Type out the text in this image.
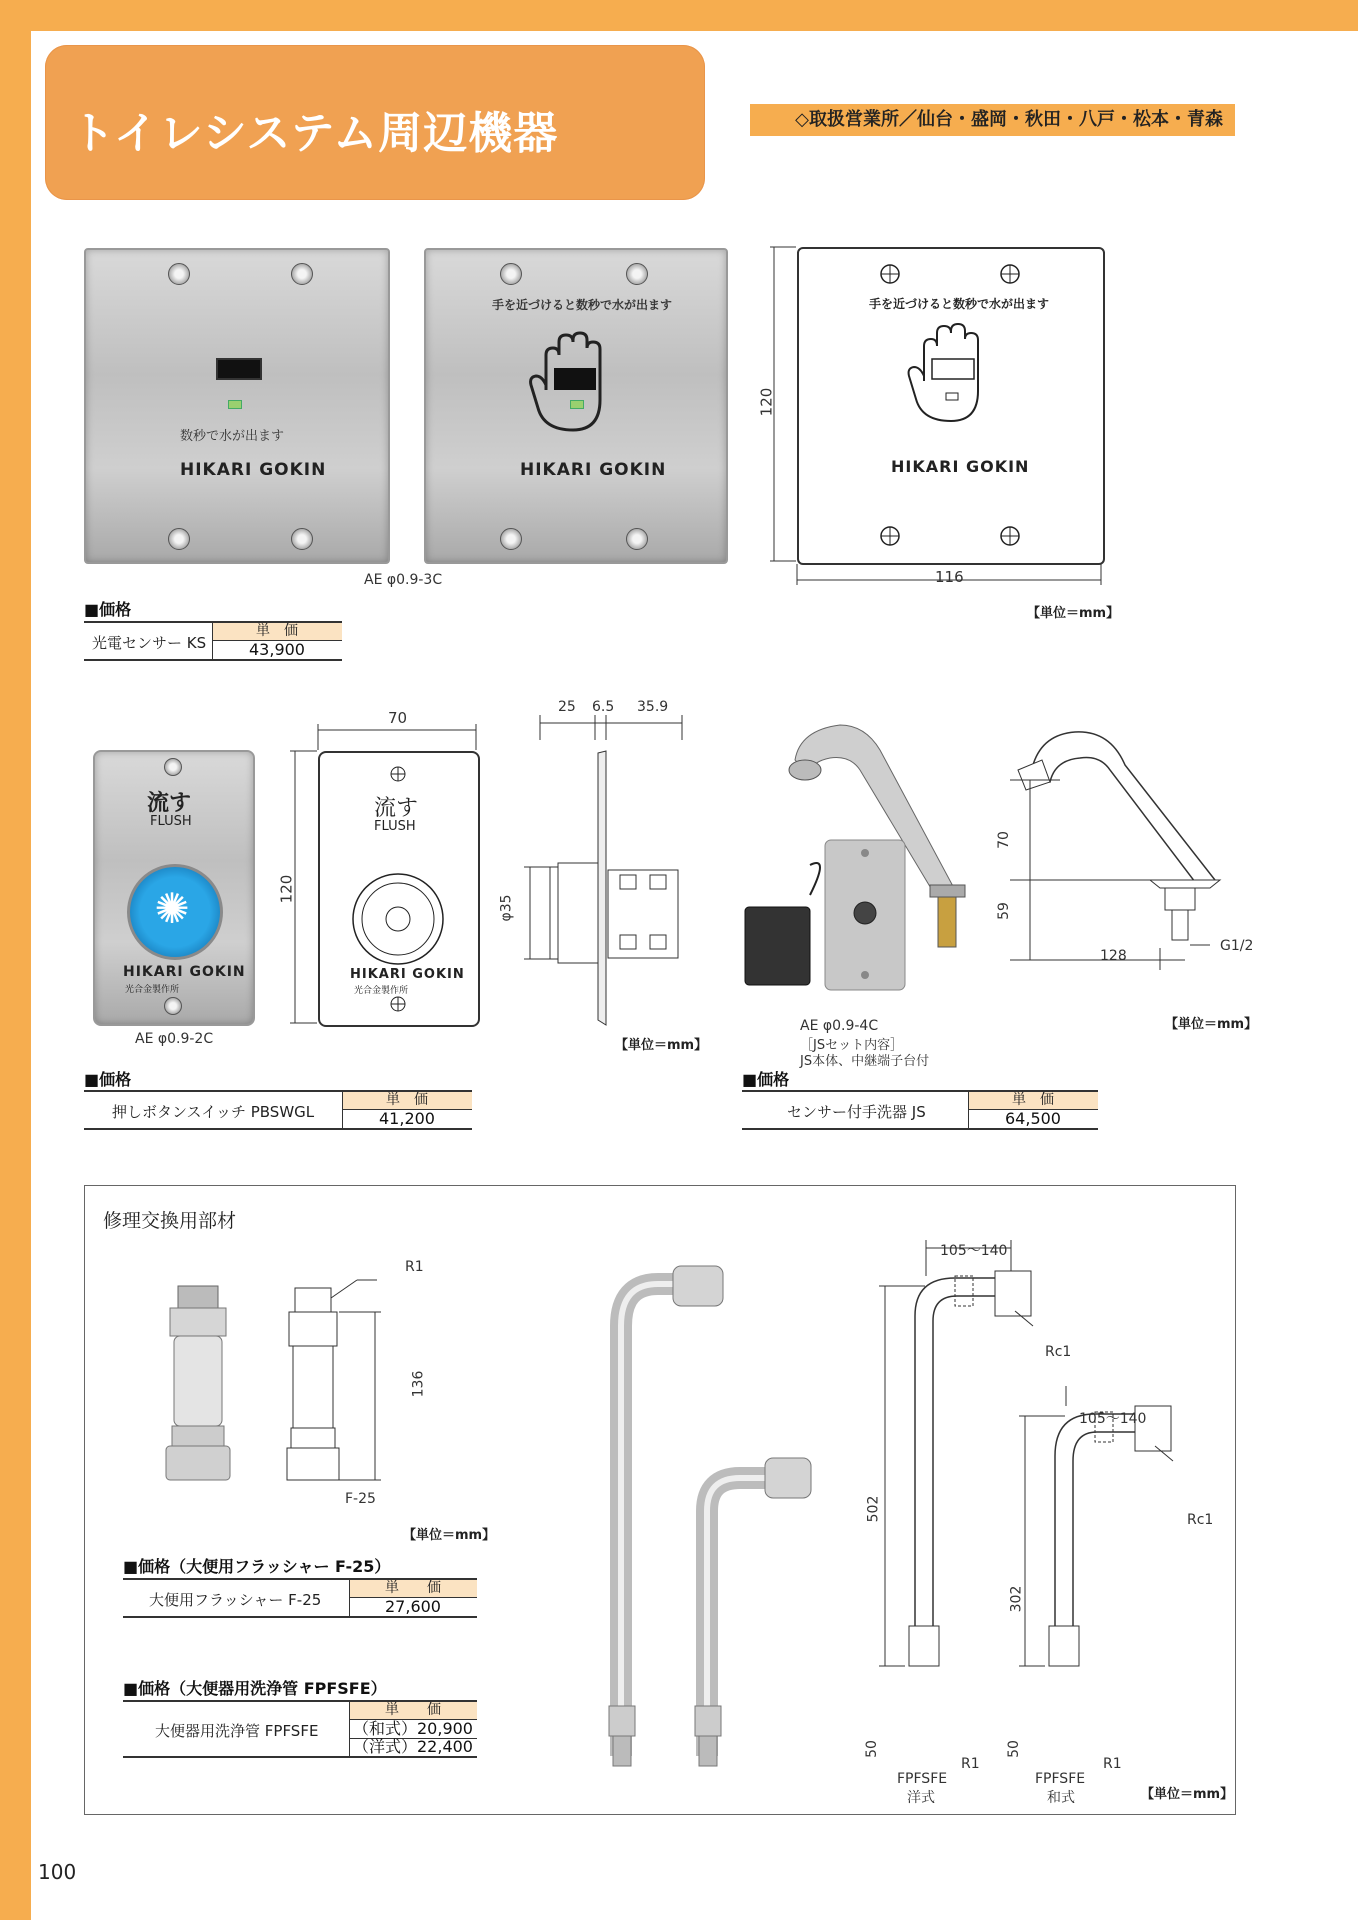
トイレシステム周辺機器	◇取扱営業所／仙台・盛岡・秋田・八戸・松本・青森
数秒で水が出ます
HIKARI GOKIN
手を近づけると数秒で水が出ます
HIKARI GOKIN
手を近づけると数秒で水が出ます
HIKARI GOKIN
120
116
AE φ0.9-3C
【単位＝mm】
■価格
光電センサー KS
単　価
43,900
流す
FLUSH
✺
HIKARI GOKIN
光合金製作所
AE φ0.9-2C
流す
FLUSH
HIKARI GOKIN
光合金製作所
70
120
25 6.5 35.9
φ35
【単位＝mm】
■価格
押しボタンスイッチ PBSWGL
単　価
41,200
70
59
128
G1/2
【単位＝mm】
AE φ0.9-4C
［JSセット内容］
JS本体、中継端子台付
■価格
センサー付手洗器 JS
単　価
64,500
修理交換用部材
R1
136
F-25
【単位＝mm】
■価格（大便用フラッシャー F-25）
大便用フラッシャー F-25
単　　価
27,600
■価格（大便器用洗浄管 FPFSFE）
大便器用洗浄管 FPFSFE
単　　価
（和式）20,900
（洋式）22,400
105～140
Rc1
502
50
R1
FPFSFE
洋式
105～140
Rc1
302
50
R1
FPFSFE
和式	【単位＝mm】
100
